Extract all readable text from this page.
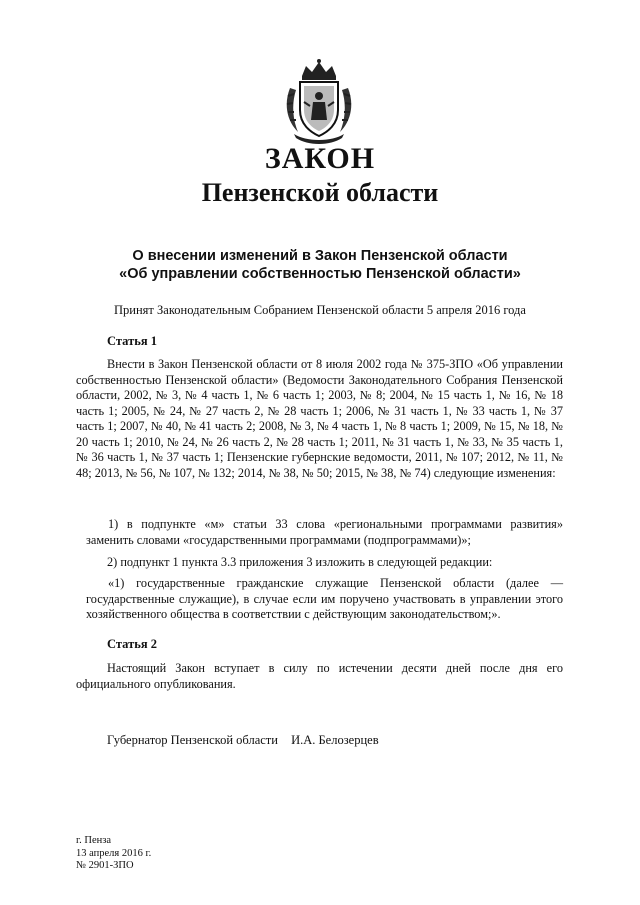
ЗАКОН
Пензенской области
О внесении изменений в Закон Пензенской области
«Об управлении собственностью Пензенской области»
Принят Законодательным Собранием Пензенской области 5 апреля 2016 года
Статья 1

Внести в Закон Пензенской области от 8 июля 2002 года № 375-ЗПО «Об управлении собственностью Пензенской области» (Ведомости Законодательного Собрания Пензенской области, 2002, № 3, № 4 часть 1, № 6 часть 1; 2003, № 8; 2004, № 15 часть 1, № 16, № 18 часть 1; 2005, № 24, № 27 часть 2, № 28 часть 1; 2006, № 31 часть 1, № 33 часть 1, № 37 часть 1; 2007, № 40, № 41 часть 2; 2008, № 3, № 4 часть 1, № 8 часть 1; 2009, № 15, № 18, № 20 часть 1; 2010, № 24, № 26 часть 2, № 28 часть 1; 2011, № 31 часть 1, № 33, № 35 часть 1, № 36 часть 1, № 37 часть 1; Пензенские губернские ведомости, 2011, № 107; 2012, № 11, № 48; 2013, № 56, № 107, № 132; 2014, № 38, № 50; 2015, № 38, № 74) следующие изменения:

1) в подпункте «м» статьи 33 слова «региональными программами развития» заменить словами «государственными программами (подпрограммами)»;

2) подпункт 1 пункта 3.3 приложения 3 изложить в следующей редакции:

«1) государственные гражданские служащие Пензенской области (далее — государственные служащие), в случае если им поручено участвовать в управлении этого хозяйственного общества в соответствии с действующим законодательством;».

Статья 2

Настоящий Закон вступает в силу по истечении десяти дней после дня его официального опубликования.

Губернатор Пензенской области И.А. Белозерцев
г. Пенза
13 апреля 2016 г.
№ 2901-ЗПО
